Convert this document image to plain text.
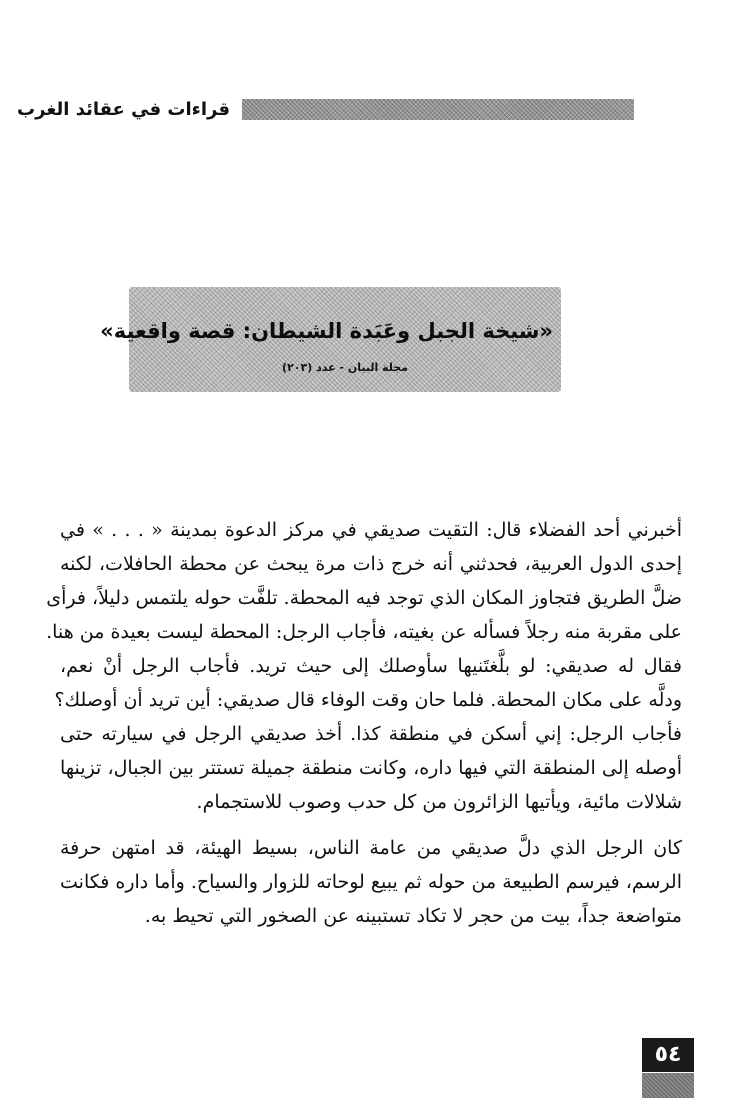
قراءات في عقائد الغرب
«شيخة الجبل وعَبَدة الشيطان: قصة واقعية»
مجلة البيان - عدد (٢٠٣)
أخبرني أحد الفضلاء قال: التقيت صديقي في مركز الدعوة بمدينة « . . . » في
إحدى الدول العربية، فحدثني أنه خرج ذات مرة يبحث عن محطة الحافلات، لكنه
ضلَّ الطريق فتجاوز المكان الذي توجد فيه المحطة. تلفَّت حوله يلتمس دليلاً، فرأى
على مقربة منه رجلاً فسأله عن بغيته، فأجاب الرجل: المحطة ليست بعيدة من هنا.
فقال له صديقي: لو بلَّغتَنيها سأوصلك إلى حيث تريد. فأجاب الرجل أنْ نعم،
ودلَّه على مكان المحطة. فلما حان وقت الوفاء قال صديقي: أين تريد أن أوصلك؟
فأجاب الرجل: إني أسكن في منطقة كذا. أخذ صديقي الرجل في سيارته حتى
أوصله إلى المنطقة التي فيها داره، وكانت منطقة جميلة تستتر بين الجبال، تزينها
شلالات مائية، ويأتيها الزائرون من كل حدب وصوب للاستجمام.
كان الرجل الذي دلَّ صديقي من عامة الناس، بسيط الهيئة، قد امتهن حرفة
الرسم، فيرسم الطبيعة من حوله ثم يبيع لوحاته للزوار والسياح. وأما داره فكانت
متواضعة جداً، بيت من حجر لا تكاد تستبينه عن الصخور التي تحيط به.
٥٤
